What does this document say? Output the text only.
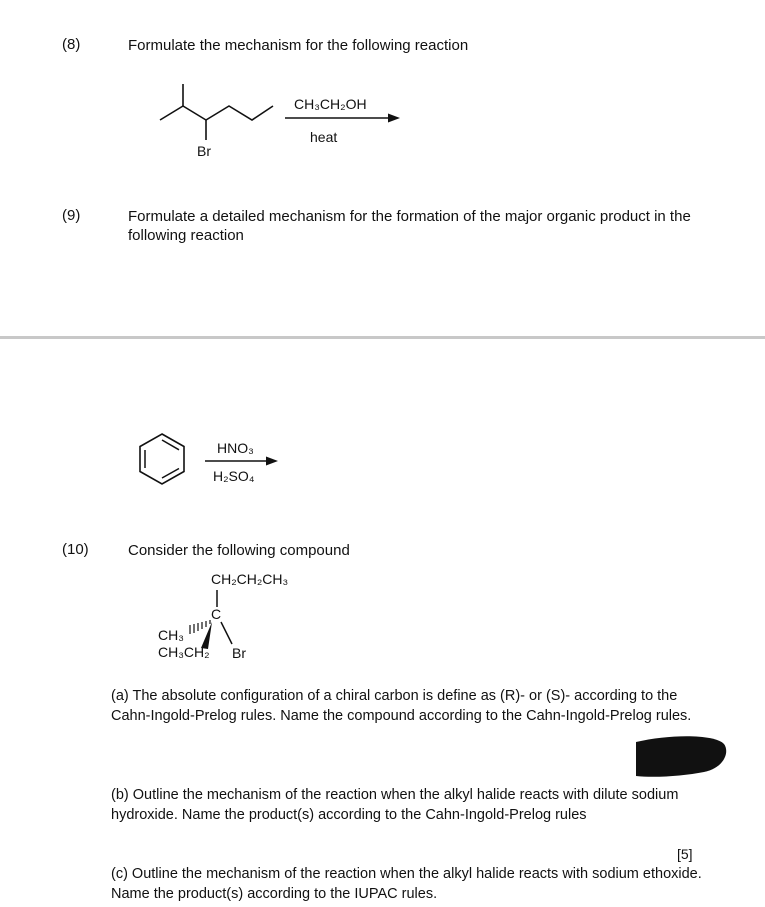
(8)	Formulate the mechanism for the following reaction
Br
CH₃CH₂OH
heat
(9)	Formulate a detailed mechanism for the formation of the major organic product in the following reaction
HNO₃
H₂SO₄
(10)	Consider the following compound
CH₂CH₂CH₃
C
CH₃
CH₃CH₂ Br
(a) The absolute configuration of a chiral carbon is define as (R)- or (S)- according to the Cahn-Ingold-Prelog rules. Name the compound according to the Cahn-Ingold-Prelog rules.
(b) Outline the mechanism of the reaction when the alkyl halide reacts with dilute sodium hydroxide. Name the product(s) according to the Cahn-Ingold-Prelog rules
[5]
(c) Outline the mechanism of the reaction when the alkyl halide reacts with sodium ethoxide. Name the product(s) according to the IUPAC rules.
